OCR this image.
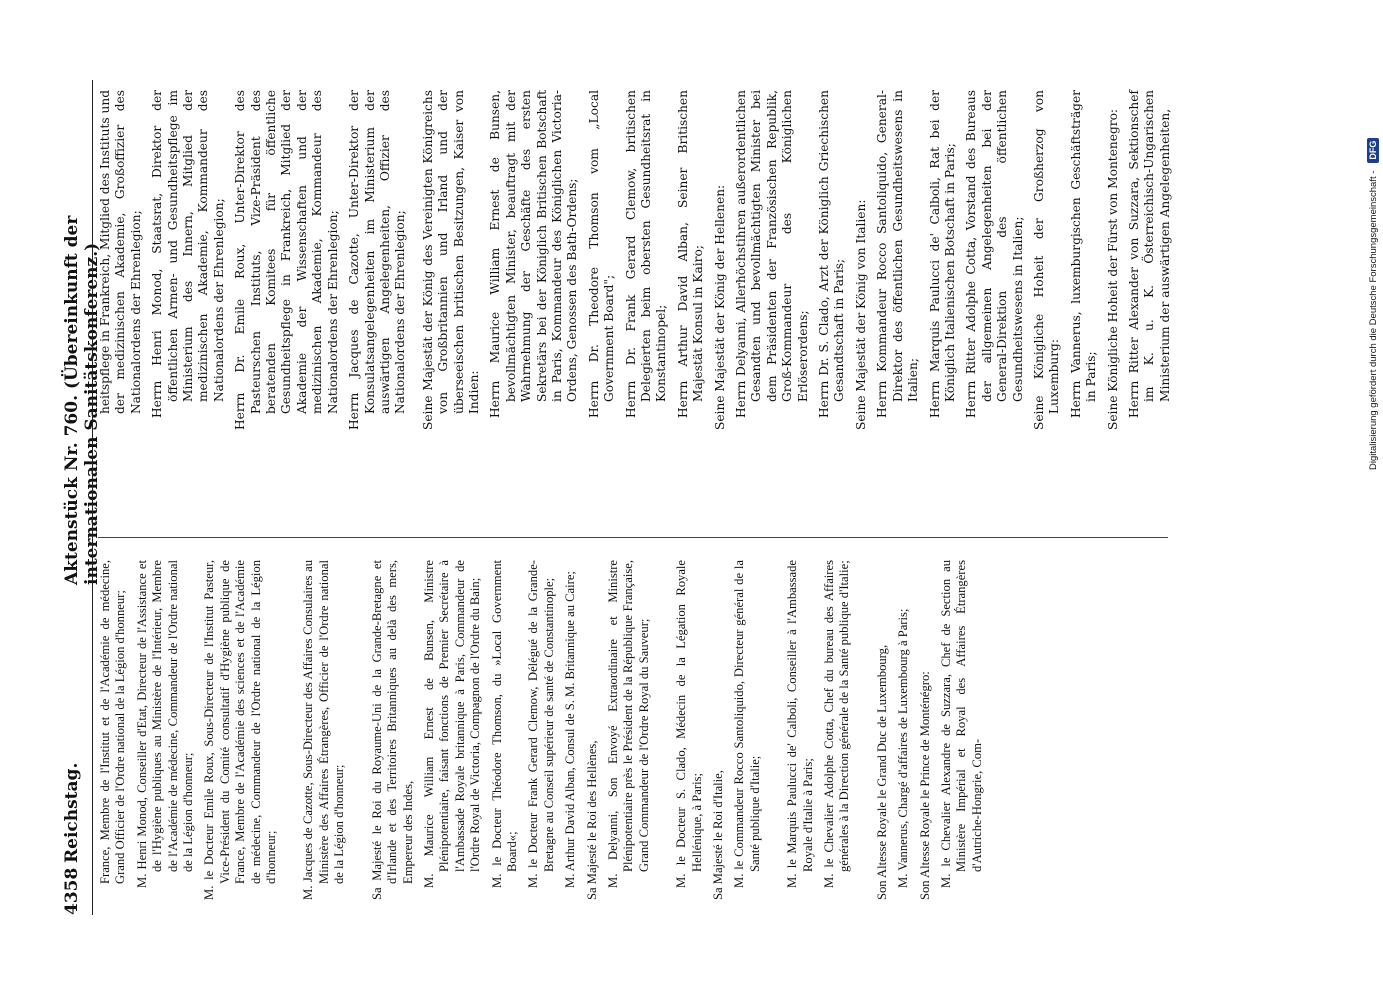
4358
Reichstag.
Aktenstück Nr. 760. (Übereinkunft der internationalen Sanitätskonferenz.)

France, Membre de l'Institut et de l'Académie de médecine, Grand Officier de l'Ordre national de la Légion d'honneur; M. Henri Monod, Conseiller d'Etat, Directeur de l'Assistance et de l'Hygiène publiques au Ministère de l'Intérieur, Membre de l'Académie de médecine, Commandeur de l'Ordre national de la Légion d'honneur; M. le Docteur Emile Roux, Sous-Directeur de l'Institut Pasteur, Vice-Président du Comité consultatif d'Hygiène publique de France, Membre de l'Académie des sciences et de l'Académie de médecine, Commandeur de l'Ordre national de la Légion d'honneur; M. Jacques de Cazotte, Sous-Directeur des Affaires Consulaires au Ministère des Affaires Étrangères, Officier de l'Ordre national de la Légion d'honneur; Sa Majesté le Roi du Royaume-Uni de la Grande-Bretagne et d'Irlande et des Territoires Britanniques au delà des mers, Empereur des Indes, M. Maurice William Ernest de Bunsen, Ministre Plénipotentiaire, faisant fonctions de Premier Secrétaire à l'Ambassade Royale britannique à Paris, Commandeur de l'Ordre Royal de Victoria, Compagnon de l'Ordre du Bain; M. le Docteur Théodore Thomson, du »Local Government Board«; M. le Docteur Frank Gerard Clemow, Délégué de la Grande-Bretagne au Conseil supérieur de santé de Constantinople; M. Arthur David Alban, Consul de S. M. Britannique au Caire; Sa Majesté le Roi des Hellènes, M. Delyanni, Son Envoyé Extraordinaire et Ministre Plénipotentiaire près le Président de la République Française, Grand Commandeur de l'Ordre Royal du Sauveur; M. le Docteur S. Clado, Médecin de la Légation Royale Hellénique, à Paris; Sa Majesté le Roi d'Italie, M. le Commandeur Rocco Santoliquido, Directeur général de la Santé publique d'Italie; M. le Marquis Paulucci de' Calboli, Conseiller à l'Ambassade Royale d'Italie à Paris; M. le Chevalier Adolphe Cotta, Chef du bureau des Affaires générales à la Direction générale de la Santé publique d'Italie; Son Altesse Royale le Grand Duc de Luxembourg, M. Vannerus, Chargé d'affaires de Luxembourg à Paris; Son Altesse Royale le Prince de Monténégro: M. le Chevalier Alexandre de Suzzara, Chef de Section au Ministère Impérial et Royal des Affaires Étrangères d'Autriche-Hongrie, Com-

heitspflege in Frankreich, Mitglied des Instituts und der medizinischen Akademie, Großoffizier des Nationalordens der Ehrenlegion; Herrn Henri Monod, Staatsrat, Direktor der öffentlichen Armen- und Gesundheitspflege im Ministerium des Innern, Mitglied der medizinischen Akademie, Kommandeur des Nationalordens der Ehrenlegion; Herrn Dr. Emile Roux, Unter-Direktor des Pasteurschen Instituts, Vize-Präsident des beratenden Komitees für öffentliche Gesundheitspflege in Frankreich, Mitglied der Akademie der Wissenschaften und der medizinischen Akademie, Kommandeur des Nationalordens der Ehrenlegion; Herrn Jacques de Cazotte, Unter-Direktor der Konsulatsangelegenheiten im Ministerium der auswärtigen Angelegenheiten, Offizier des Nationalordens der Ehrenlegion; Seine Majestät der König des Vereinigten Königreichs von Großbritannien und Irland und der überseeischen britischen Besitzungen, Kaiser von Indien: Herrn Maurice William Ernest de Bunsen, bevollmächtigten Minister, beauftragt mit der Wahrnehmung der Geschäfte des ersten Sekretärs bei der Königlich Britischen Botschaft in Paris, Kommandeur des Königlichen Victoria-Ordens, Genossen des Bath-Ordens; Herrn Dr. Theodore Thomson vom „Local Government Board"; Herrn Dr. Frank Gerard Clemow, britischen Delegierten beim obersten Gesundheitsrat in Konstantinopel; Herrn Arthur David Alban, Seiner Britischen Majestät Konsul in Kairo; Seine Majestät der König der Hellenen: Herrn Delyanni, Allerhöchstihren außerordentlichen Gesandten und bevollmächtigten Minister bei dem Präsidenten der Französischen Republik, Groß-Kommandeur des Königlichen Erlöserordens; Herrn Dr. S. Clado, Arzt der Königlich Griechischen Gesandtschaft in Paris; Seine Majestät der König von Italien: Herrn Kommandeur Rocco Santoliquido, General-Direktor des öffentlichen Gesundheitswesens in Italien; Herrn Marquis Paulucci de' Calboli, Rat bei der Königlich Italienischen Botschaft in Paris; Herrn Ritter Adolphe Cotta, Vorstand des Bureaus der allgemeinen Angelegenheiten bei der General-Direktion des öffentlichen Gesundheitswesens in Italien; Seine Königliche Hoheit der Großherzog von Luxemburg: Herrn Vannerus, luxemburgischen Geschäftsträger in Paris; Seine Königliche Hoheit der Fürst von Montenegro: Herrn Ritter Alexander von Suzzara, Sektionschef im K. u. K. Österreichisch-Ungarischen Ministerium der auswärtigen Angelegenheiten,	Digitalisierung gefördert durch die Deutsche Forschungsgemeinschaft -
DFG
